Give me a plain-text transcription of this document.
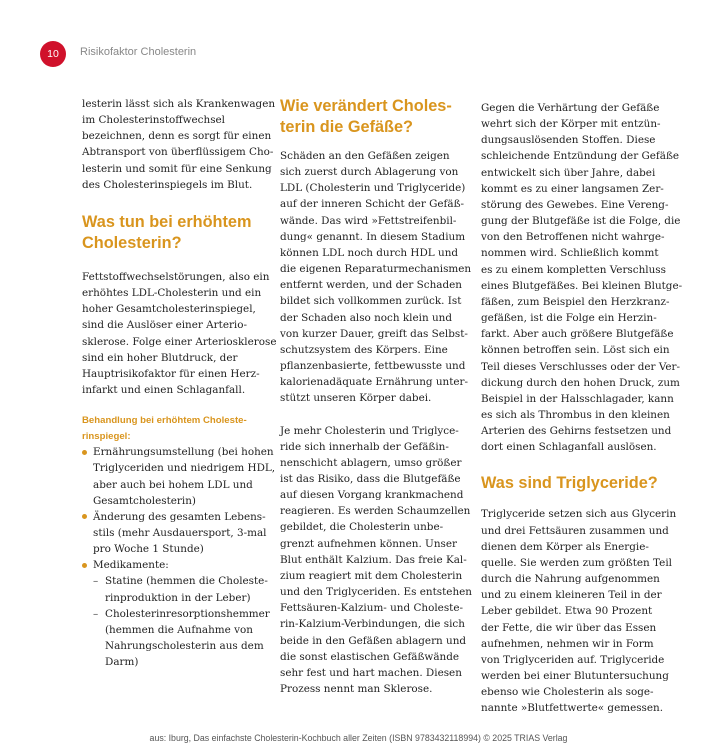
10	Risikofaktor Cholesterin

lesterin lässt sich als Krankenwagen
im Cholesterinstoffwechsel
bezeichnen, denn es sorgt für einen
Abtransport von überflüssigem Cho-
lesterin und somit für eine Senkung
des Cholesterinspiegels im Blut.

Was tun bei erhöhtem
Cholesterin?

Fettstoffwechselstörungen, also ein
erhöhtes LDL-Cholesterin und ein
hoher Gesamtcholesterinspiegel,
sind die Auslöser einer Arterio-
sklerose. Folge einer Arteriosklerose
sind ein hoher Blutdruck, der
Hauptrisikofaktor für einen Herz-
infarkt und einen Schlaganfall.

Behandlung bei erhöhtem Choleste-
rinspiegel:
Ernährungsumstellung (bei hohen
Triglyceriden und niedrigem HDL,
aber auch bei hohem LDL und
Gesamtcholesterin)
Änderung des gesamten Lebens-
stils (mehr Ausdauersport, 3-mal
pro Woche 1 Stunde)
Medikamente:
– Statine (hemmen die Choleste-
rinproduktion in der Leber)
– Cholesterinresorptionshemmer
(hemmen die Aufnahme von
Nahrungscholesterin aus dem
Darm)
Wie verändert Choles-
terin die Gefäße?

Schäden an den Gefäßen zeigen
sich zuerst durch Ablagerung von
LDL (Cholesterin und Triglyceride)
auf der inneren Schicht der Gefäß-
wände. Das wird »Fettstreifenbil-
dung« genannt. In diesem Stadium
können LDL noch durch HDL und
die eigenen Reparaturmechanismen
entfernt werden, und der Schaden
bildet sich vollkommen zurück. Ist
der Schaden also noch klein und
von kurzer Dauer, greift das Selbst-
schutzsystem des Körpers. Eine
pflanzenbasierte, fettbewusste und
kalorienadäquate Ernährung unter-
stützt unseren Körper dabei.

Je mehr Cholesterin und Triglyce-
ride sich innerhalb der Gefäßin-
nenschicht ablagern, umso größer
ist das Risiko, dass die Blutgefäße
auf diesen Vorgang krankmachend
reagieren. Es werden Schaumzellen
gebildet, die Cholesterin unbe-
grenzt aufnehmen können. Unser
Blut enthält Kalzium. Das freie Kal-
zium reagiert mit dem Cholesterin
und den Triglyceriden. Es entstehen
Fettsäuren-Kalzium- und Choleste-
rin-Kalzium-Verbindungen, die sich
beide in den Gefäßen ablagern und
die sonst elastischen Gefäßwände
sehr fest und hart machen. Diesen
Prozess nennt man Sklerose.

Gegen die Verhärtung der Gefäße
wehrt sich der Körper mit entzün-
dungsauslösenden Stoffen. Diese
schleichende Entzündung der Gefäße
entwickelt sich über Jahre, dabei
kommt es zu einer langsamen Zer-
störung des Gewebes. Eine Vereng-
gung der Blutgefäße ist die Folge, die
von den Betroffenen nicht wahrge-
nommen wird. Schließlich kommt
es zu einem kompletten Verschluss
eines Blutgefäßes. Bei kleinen Blutge-
fäßen, zum Beispiel den Herzkranz-
gefäßen, ist die Folge ein Herzin-
farkt. Aber auch größere Blutgefäße
können betroffen sein. Löst sich ein
Teil dieses Verschlusses oder der Ver-
dickung durch den hohen Druck, zum
Beispiel in der Halsschlagader, kann
es sich als Thrombus in den kleinen
Arterien des Gehirns festsetzen und
dort einen Schlaganfall auslösen.

Was sind Triglyceride?

Triglyceride setzen sich aus Glycerin
und drei Fettsäuren zusammen und
dienen dem Körper als Energie-
quelle. Sie werden zum größten Teil
durch die Nahrung aufgenommen
und zu einem kleineren Teil in der
Leber gebildet. Etwa 90 Prozent
der Fette, die wir über das Essen
aufnehmen, nehmen wir in Form
von Triglyceriden auf. Triglyceride
werden bei einer Blutuntersuchung
ebenso wie Cholesterin als soge-
nannte »Blutfettwerte« gemessen.

aus: Iburg, Das einfachste Cholesterin-Kochbuch aller Zeiten (ISBN 9783432118994) © 2025 TRIAS Verlag
